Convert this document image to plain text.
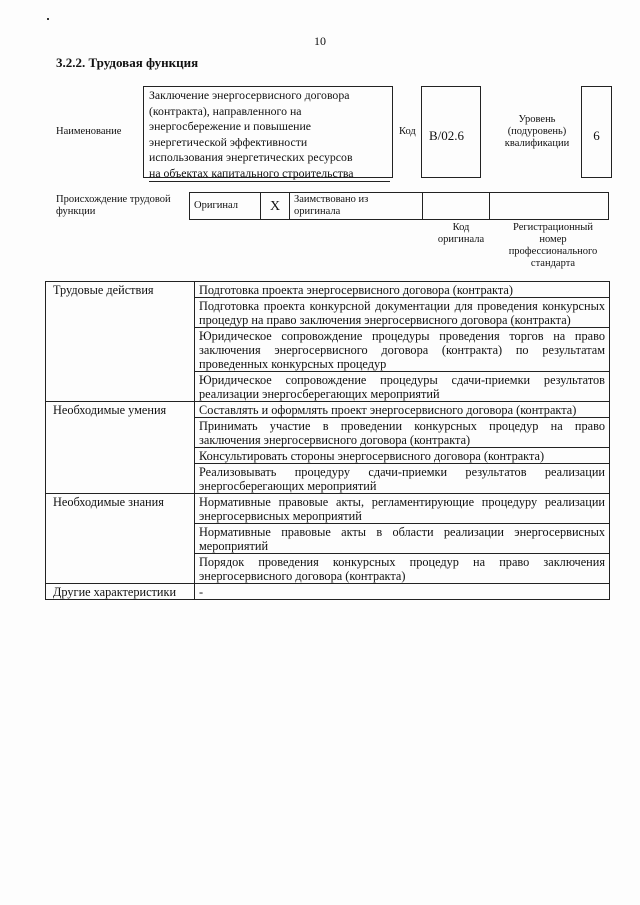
10
3.2.2. Трудовая функция
Наименование
Заключение энергосервисного договора
(контракта), направленного на
энергосбережение и повышение
энергетической эффективности
использования энергетических ресурсов
на объектах капитального строительства
Код B/02.6
Уровень
(подуровень)
квалификации
6
Происхождение трудовой
функции
Оригинал	X	Заимствовано из
оригинала

Код
оригинала
Регистрационный
номер
профессионального
стандарта
Трудовые действия	Подготовка проекта энергосервисного договора (контракта)
	Подготовка проекта конкурсной документации для проведения конкурсных процедур на право заключения энергосервисного договора (контракта)
	Юридическое сопровождение процедуры проведения торгов на право заключения энергосервисного договора (контракта) по результатам проведенных конкурсных процедур
	Юридическое сопровождение процедуры сдачи-приемки результатов реализации энергосберегающих мероприятий
Необходимые умения	Составлять и оформлять проект энергосервисного договора (контракта)
	Принимать участие в проведении конкурсных процедур на право заключения энергосервисного договора (контракта)
	Консультировать стороны энергосервисного договора (контракта)
	Реализовывать процедуру сдачи-приемки результатов реализации энергосберегающих мероприятий
Необходимые знания	Нормативные правовые акты, регламентирующие процедуру реализации энергосервисных мероприятий
	Нормативные правовые акты в области реализации энергосервисных мероприятий
	Порядок проведения конкурсных процедур на право заключения энергосервисного договора (контракта)
Другие характеристики	-
